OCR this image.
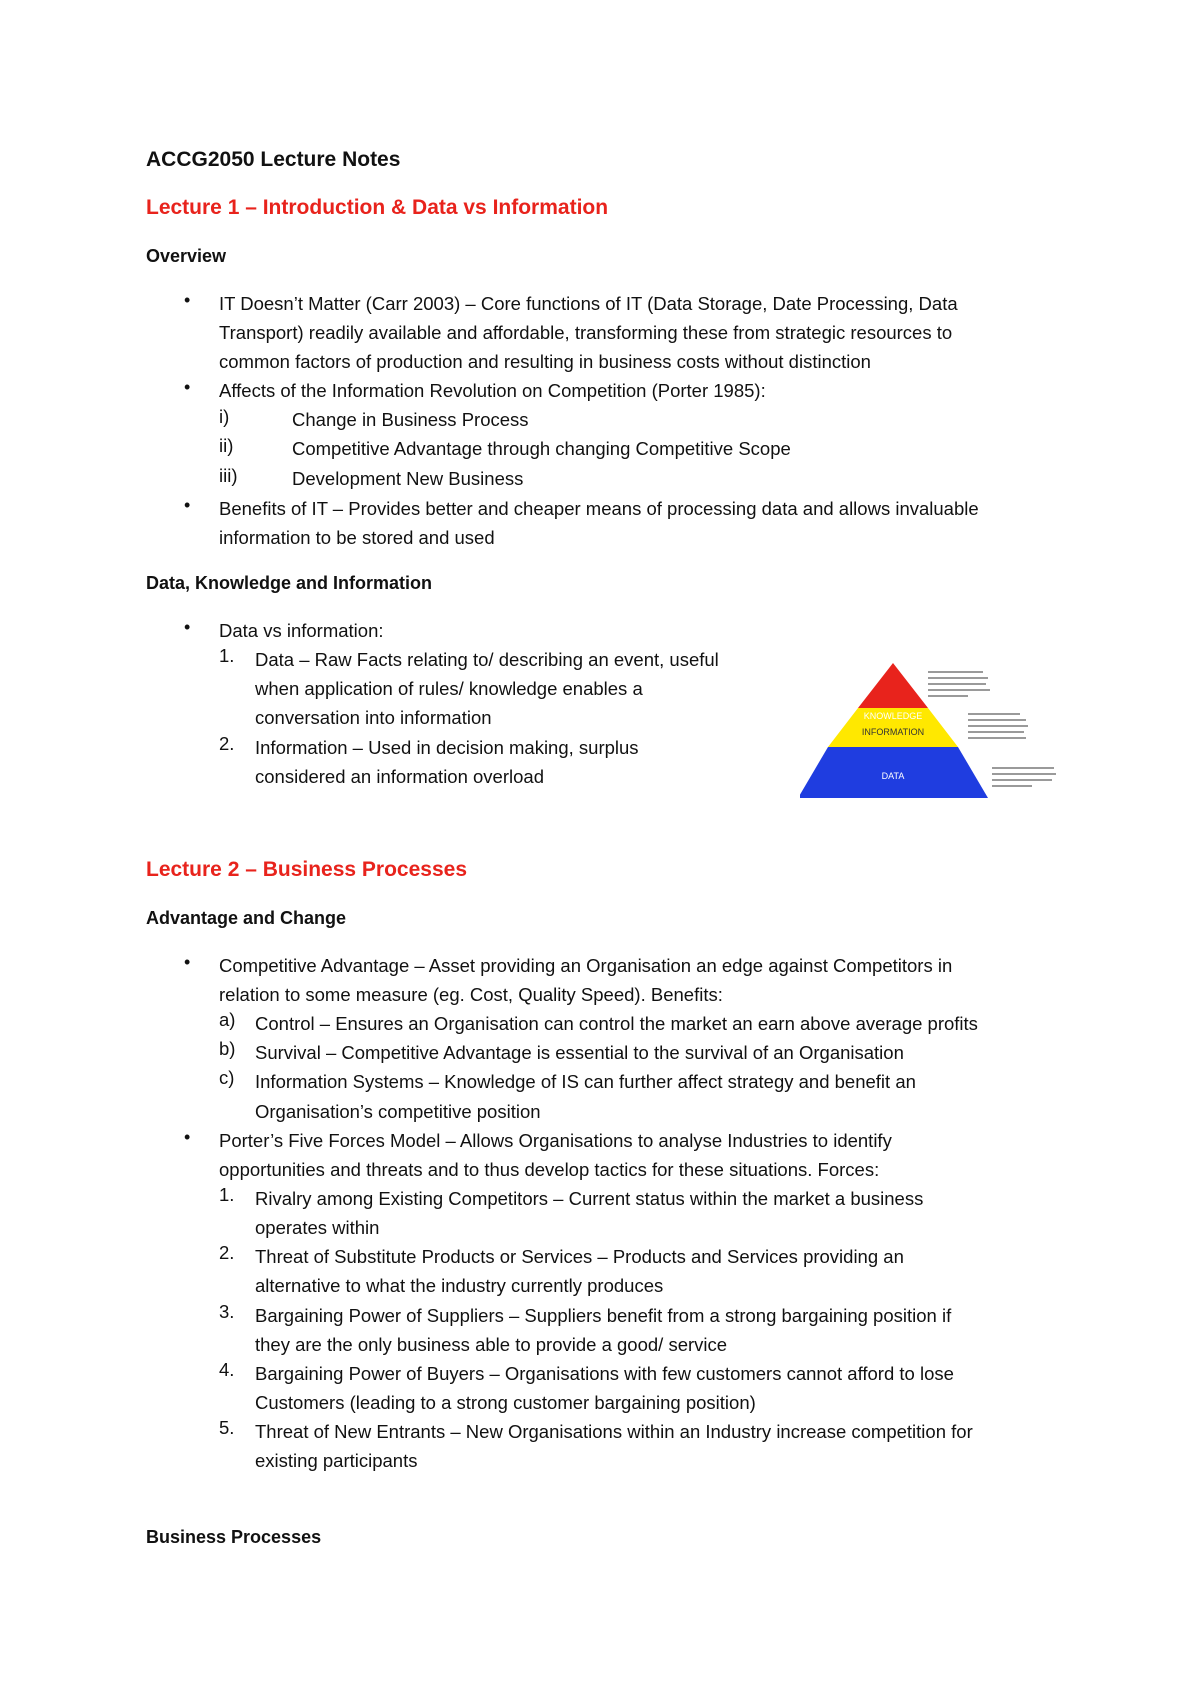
ACCG2050 Lecture Notes
Lecture 1 – Introduction & Data vs Information
Overview
• IT Doesn’t Matter (Carr 2003) – Core functions of IT (Data Storage, Date Processing, Data
Transport) readily available and affordable, transforming these from strategic resources to
common factors of production and resulting in business costs without distinction
• Affects of the Information Revolution on Competition (Porter 1985):
i)	Change in Business Process
ii)	Competitive Advantage through changing Competitive Scope
iii)	Development New Business
• Benefits of IT – Provides better and cheaper means of processing data and allows invaluable
information to be stored and used
Data, Knowledge and Information
• Data vs information:
1. Data – Raw Facts relating to/ describing an event, useful
when application of rules/ knowledge enables a
conversation into information
2. Information – Used in decision making, surplus
considered an information overload
KNOWLEDGE
INFORMATION
DATA
Lecture 2 – Business Processes
Advantage and Change
• Competitive Advantage – Asset providing an Organisation an edge against Competitors in
relation to some measure (eg. Cost, Quality Speed). Benefits:
a) Control – Ensures an Organisation can control the market an earn above average profits
b) Survival – Competitive Advantage is essential to the survival of an Organisation
c) Information Systems – Knowledge of IS can further affect strategy and benefit an
Organisation’s competitive position
• Porter’s Five Forces Model – Allows Organisations to analyse Industries to identify
opportunities and threats and to thus develop tactics for these situations. Forces:
1. Rivalry among Existing Competitors – Current status within the market a business
operates within
2. Threat of Substitute Products or Services – Products and Services providing an
alternative to what the industry currently produces
3. Bargaining Power of Suppliers – Suppliers benefit from a strong bargaining position if
they are the only business able to provide a good/ service
4. Bargaining Power of Buyers – Organisations with few customers cannot afford to lose
Customers (leading to a strong customer bargaining position)
5. Threat of New Entrants – New Organisations within an Industry increase competition for
existing participants
Business Processes
